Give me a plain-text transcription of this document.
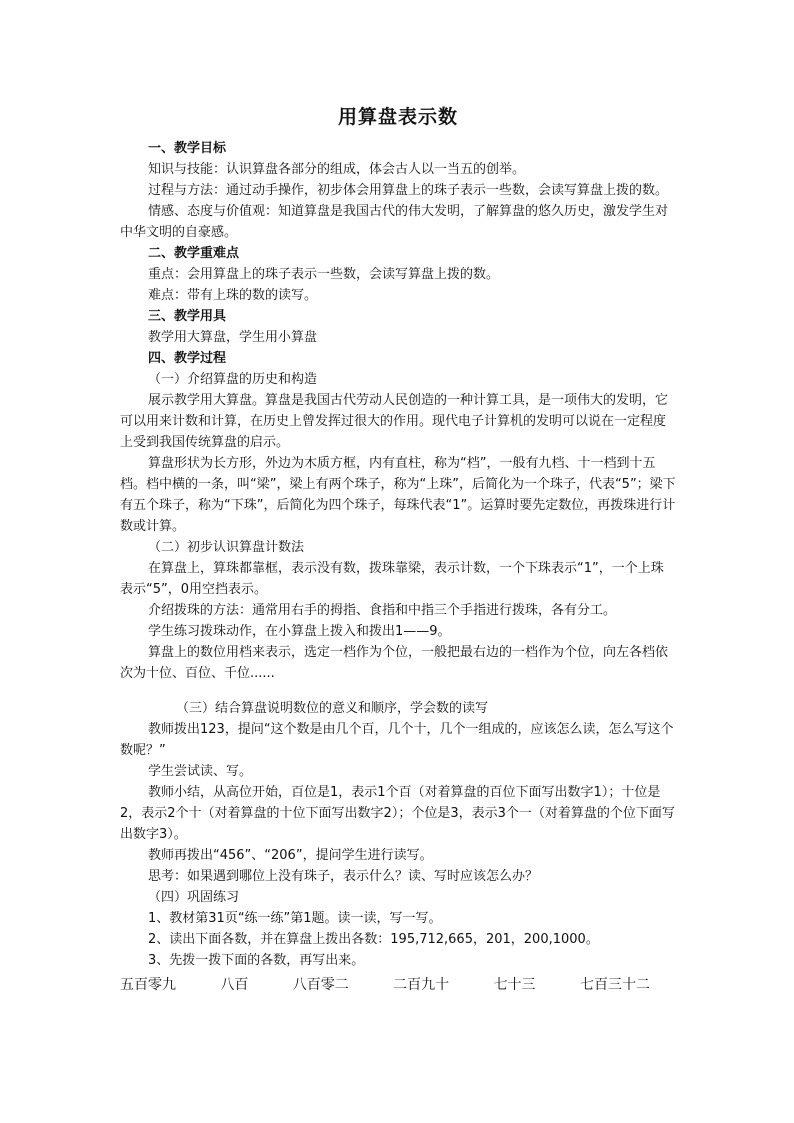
用算盘表示数

一、教学目标

知识与技能：认识算盘各部分的组成，体会古人以一当五的创举。

过程与方法：通过动手操作，初步体会用算盘上的珠子表示一些数，会读写算盘上拨的数。

情感、态度与价值观：知道算盘是我国古代的伟大发明，了解算盘的悠久历史，激发学生对中华文明的自豪感。

二、教学重难点

重点：会用算盘上的珠子表示一些数，会读写算盘上拨的数。

难点：带有上珠的数的读写。

三、教学用具

教学用大算盘，学生用小算盘

四、教学过程

（一）介绍算盘的历史和构造

展示教学用大算盘。算盘是我国古代劳动人民创造的一种计算工具，是一项伟大的发明，它可以用来计数和计算，在历史上曾发挥过很大的作用。现代电子计算机的发明可以说在一定程度上受到我国传统算盘的启示。

算盘形状为长方形，外边为木质方框，内有直柱，称为“档”，一般有九档、十一档到十五档。档中横的一条，叫“梁”，梁上有两个珠子，称为“上珠”，后简化为一个珠子，代表“5”；梁下有五个珠子，称为“下珠”，后简化为四个珠子，每珠代表“1”。运算时要先定数位，再拨珠进行计数或计算。

（二）初步认识算盘计数法

在算盘上，算珠都靠框，表示没有数，拨珠靠梁，表示计数，一个下珠表示“1”，一个上珠表示“5”，0用空挡表示。

介绍拨珠的方法：通常用右手的拇指、食指和中指三个手指进行拨珠，各有分工。

学生练习拨珠动作，在小算盘上拨入和拨出1——9。

算盘上的数位用档来表示，选定一档作为个位，一般把最右边的一档作为个位，向左各档依次为十位、百位、千位......

（三）结合算盘说明数位的意义和顺序，学会数的读写

教师拨出123，提问“这个数是由几个百，几个十，几个一组成的，应该怎么读，怎么写这个数呢？”

学生尝试读、写。

教师小结，从高位开始，百位是1，表示1个百（对着算盘的百位下面写出数字1）；十位是2，表示2个十（对着算盘的十位下面写出数字2）；个位是3，表示3个一（对着算盘的个位下面写出数字3）。

教师再拨出“456”、“206”，提问学生进行读写。

思考：如果遇到哪位上没有珠子，表示什么？读、写时应该怎么办？

（四）巩固练习

1、教材第31页“练一练”第1题。读一读，写一写。

2、读出下面各数，并在算盘上拨出各数：195,712,665，201，200,1000。

3、先拨一拨下面的各数，再写出来。

五百零九	八百	八百零二	二百九十	七十三	七百三十二
